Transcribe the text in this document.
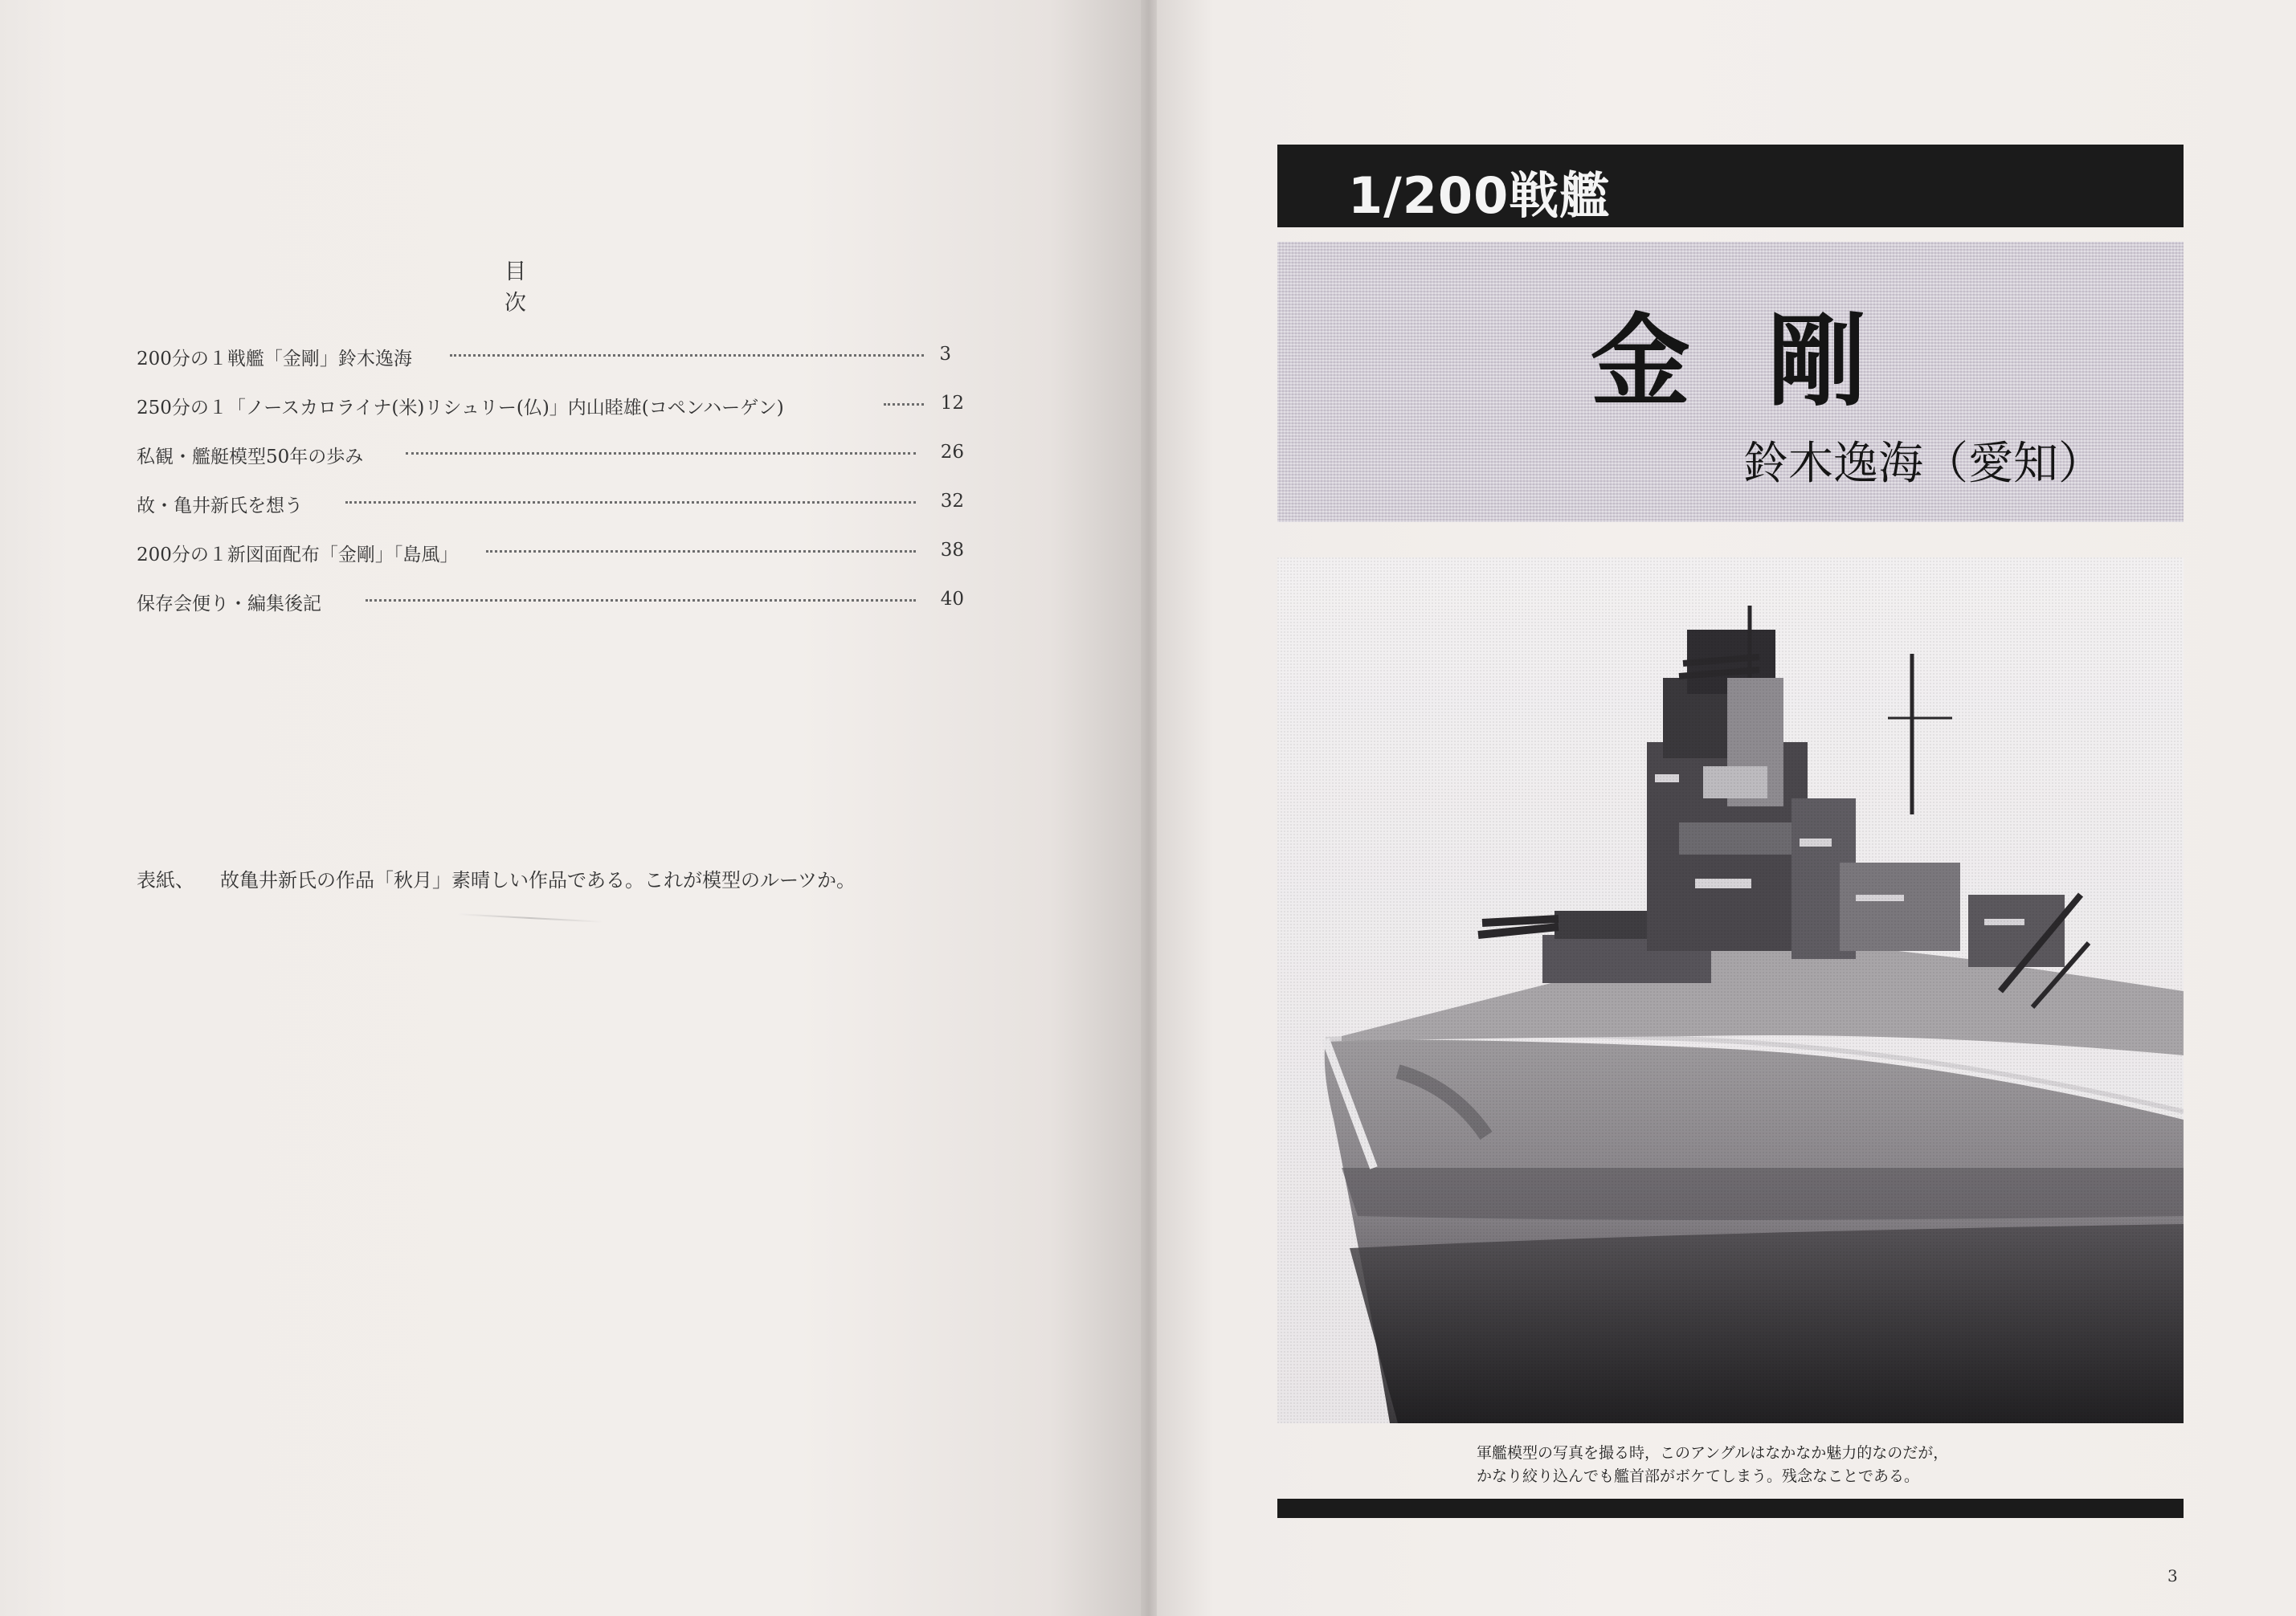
目　次
200分の１戦艦「金剛」鈴木逸海	3
250分の１「ノースカロライナ(米)リシュリー(仏)」内山睦雄(コペンハーゲン)	12
私観・艦艇模型50年の歩み	26
故・亀井新氏を想う	32
200分の１新図面配布「金剛」「島風」	38
保存会便り・編集後記	40
表紙、 故亀井新氏の作品「秋月」素晴しい作品である。これが模型のルーツか。
1/200戦艦
金剛
鈴木逸海（愛知）
軍艦模型の写真を撮る時，このアングルはなかなか魅力的なのだが，
かなり絞り込んでも艦首部がボケてしまう。残念なことである。
3
